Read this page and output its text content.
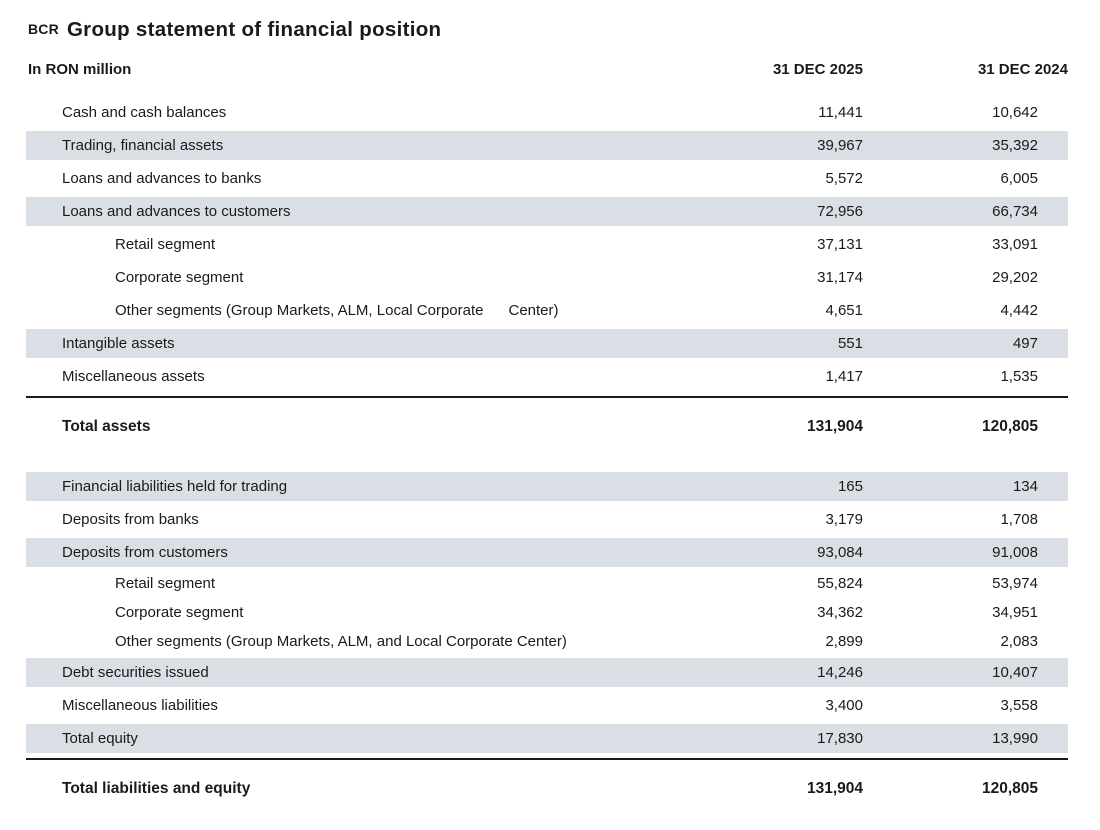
BCR Group statement of financial position
In RON million	31 DEC 2025	31 DEC 2024
Cash and cash balances	11,441	10,642
Trading, financial assets	39,967	35,392
Loans and advances to banks	5,572	6,005
Loans and advances to customers	72,956	66,734
Retail segment	37,131	33,091
Corporate segment	31,174	29,202
Other segments (Group Markets, ALM, Local Corporate      Center)	4,651	4,442
Intangible assets	551	497
Miscellaneous assets	1,417	1,535
Total assets	131,904	120,805
Financial liabilities held for trading	165	134
Deposits from banks	3,179	1,708
Deposits from customers	93,084	91,008
Retail segment	55,824	53,974
Corporate segment	34,362	34,951
Other segments (Group Markets, ALM, and Local Corporate Center)	2,899	2,083
Debt securities issued	14,246	10,407
Miscellaneous liabilities	3,400	3,558
Total equity	17,830	13,990
Total liabilities and equity	131,904	120,805
